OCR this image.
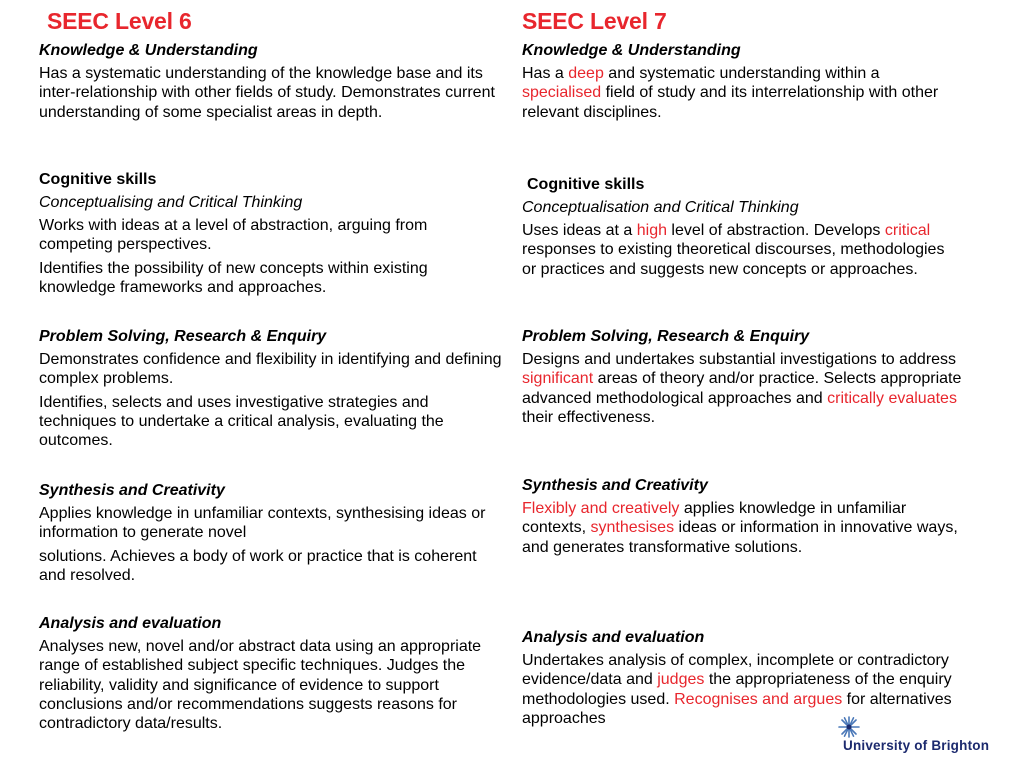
SEEC Level 6
Knowledge & Understanding
Has a systematic understanding of the knowledge base and its inter-relationship with other fields of study. Demonstrates current understanding of some specialist areas in depth.
Cognitive skills
Conceptualising and Critical Thinking
Works with ideas at a level of abstraction, arguing from competing perspectives.
Identifies the possibility of new concepts within existing knowledge frameworks and approaches.
Problem Solving, Research & Enquiry
Demonstrates confidence and flexibility in identifying and defining complex problems.
Identifies, selects and uses investigative strategies and techniques to undertake a critical analysis, evaluating the outcomes.
Synthesis and Creativity
Applies knowledge in unfamiliar contexts, synthesising ideas or information to generate novel
solutions. Achieves a body of work or practice that is coherent and resolved.
Analysis and evaluation
Analyses new, novel and/or abstract data using an appropriate range of established subject specific techniques. Judges the reliability, validity and significance of evidence to support conclusions and/or recommendations suggests reasons for contradictory data/results.
SEEC Level 7
Knowledge & Understanding
Has a deep and systematic understanding within a specialised field of study and its interrelationship with other relevant disciplines.
Cognitive skills
Conceptualisation and Critical Thinking
Uses ideas at a high level of abstraction. Develops critical responses to existing theoretical discourses, methodologies or practices and suggests new concepts or approaches.
Problem Solving, Research & Enquiry
Designs and undertakes substantial investigations to address significant areas of theory and/or practice. Selects appropriate advanced methodological approaches and critically evaluates their effectiveness.
Synthesis and Creativity
Flexibly and creatively applies knowledge in unfamiliar contexts, synthesises ideas or information in innovative ways, and generates transformative solutions.
Analysis and evaluation
Undertakes analysis of complex, incomplete or contradictory evidence/data and judges the appropriateness of the enquiry methodologies used. Recognises and argues for alternatives approaches
University of Brighton
